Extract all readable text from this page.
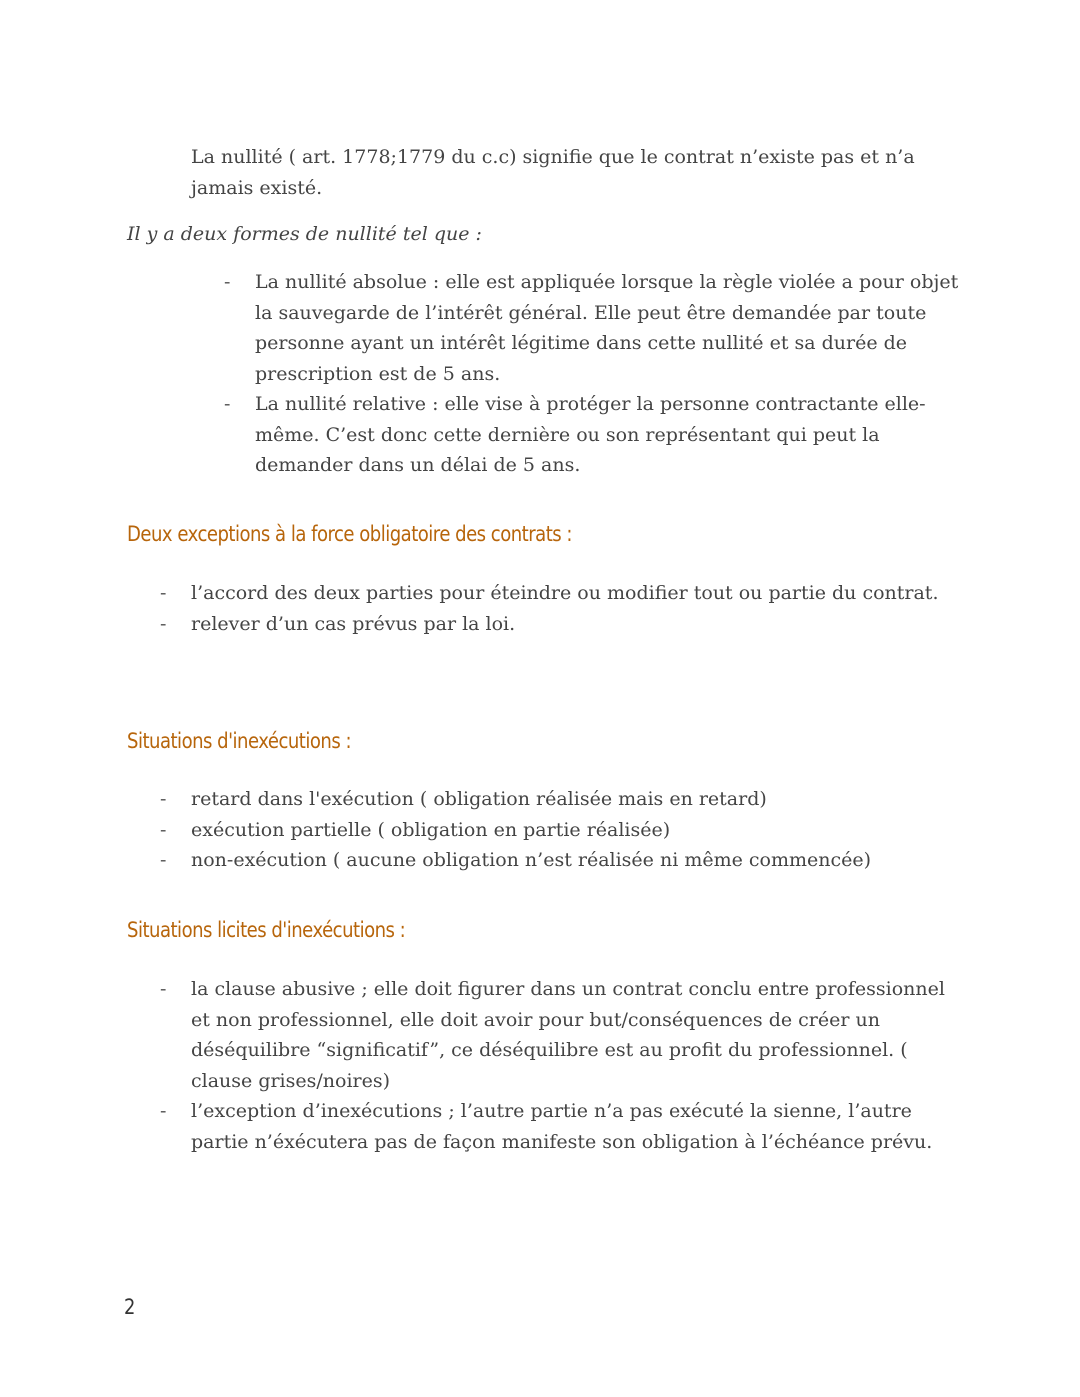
La nullité ( art. 1778;1779 du c.c) signifie que le contrat n’existe pas et n’a jamais existé.

Il y a deux formes de nullité tel que :

- La nullité absolue : elle est appliquée lorsque la règle violée a pour objet la sauvegarde de l’intérêt général. Elle peut être demandée par toute personne ayant un intérêt légitime dans cette nullité et sa durée de prescription est de 5 ans.
- La nullité relative : elle vise à protéger la personne contractante elle-même. C’est donc cette dernière ou son représentant qui peut la demander dans un délai de 5 ans.
Deux exceptions à la force obligatoire des contrats :
- l’accord des deux parties pour éteindre ou modifier tout ou partie du contrat.
- relever d’un cas prévus par la loi.
Situations d'inexécutions :
- retard dans l'exécution ( obligation réalisée mais en retard)
- exécution partielle ( obligation en partie réalisée)
- non-exécution ( aucune obligation n’est réalisée ni même commencée)
Situations licites d'inexécutions :
- la clause abusive ; elle doit figurer dans un contrat conclu entre professionnel et non professionnel, elle doit avoir pour but/conséquences de créer un déséquilibre “significatif”, ce déséquilibre est au profit du professionnel. ( clause grises/noires)
- l’exception d’inexécutions ; l’autre partie n’a pas exécuté la sienne, l’autre partie n’éxécutera pas de façon manifeste son obligation à l’échéance prévu.
2
